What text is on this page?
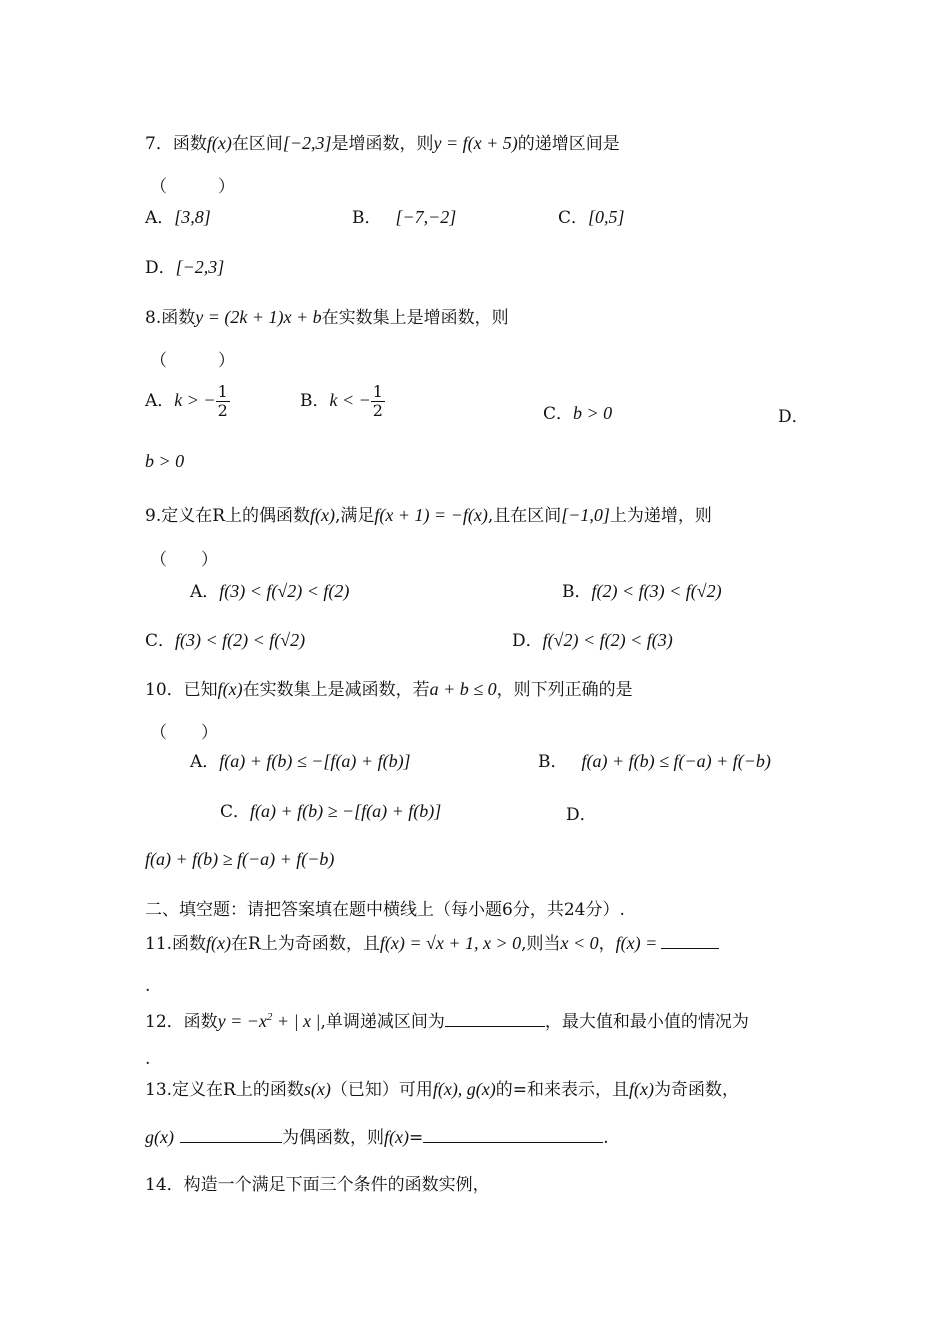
7．函数f(x)在区间[−2,3]是增函数，则y = f(x + 5)的递增区间是
（　　　）
A．[3,8]	B． [−7,−2]	C．[0,5]
D．[−2,3]
8.函数y = (2k + 1)x + b在实数集上是增函数，则
（　　　）
A．k > − $\frac{1}{2}$	B．k < − $\frac{1}{2}$	C．b > 0	D．
b > 0
9.定义在R上的偶函数f(x),满足f(x + 1) = −f(x),且在区间[−1,0]上为递增，则
（　　）
A．f(3) < f(√2) < f(2)	B．f(2) < f(3) < f(√2)
C．f(3) < f(2) < f(√2)	D．f(√2) < f(2) < f(3)
10．已知f(x)在实数集上是减函数，若a + b ≤ 0，则下列正确的是
（　　）
A．f(a) + f(b) ≤ −[f(a) + f(b)]	B． f(a) + f(b) ≤ f(−a) + f(−b)
C．f(a) + f(b) ≥ −[f(a) + f(b)]	D．
f(a) + f(b) ≥ f(−a) + f(−b)
二、填空题：请把答案填在题中横线上（每小题6分，共24分）.
11.函数f(x)在R上为奇函数，且f(x) = √x + 1, x > 0,则当x < 0，f(x) =
.
12．函数$y = -x^2$ + | x |,单调递减区间为	，最大值和最小值的情况为
.
13.定义在R上的函数s(x)（已知）可用f(x), g(x)的=和来表示，且f(x)为奇函数，
g(x)	为偶函数，则f(x)=	.
14．构造一个满足下面三个条件的函数实例，
